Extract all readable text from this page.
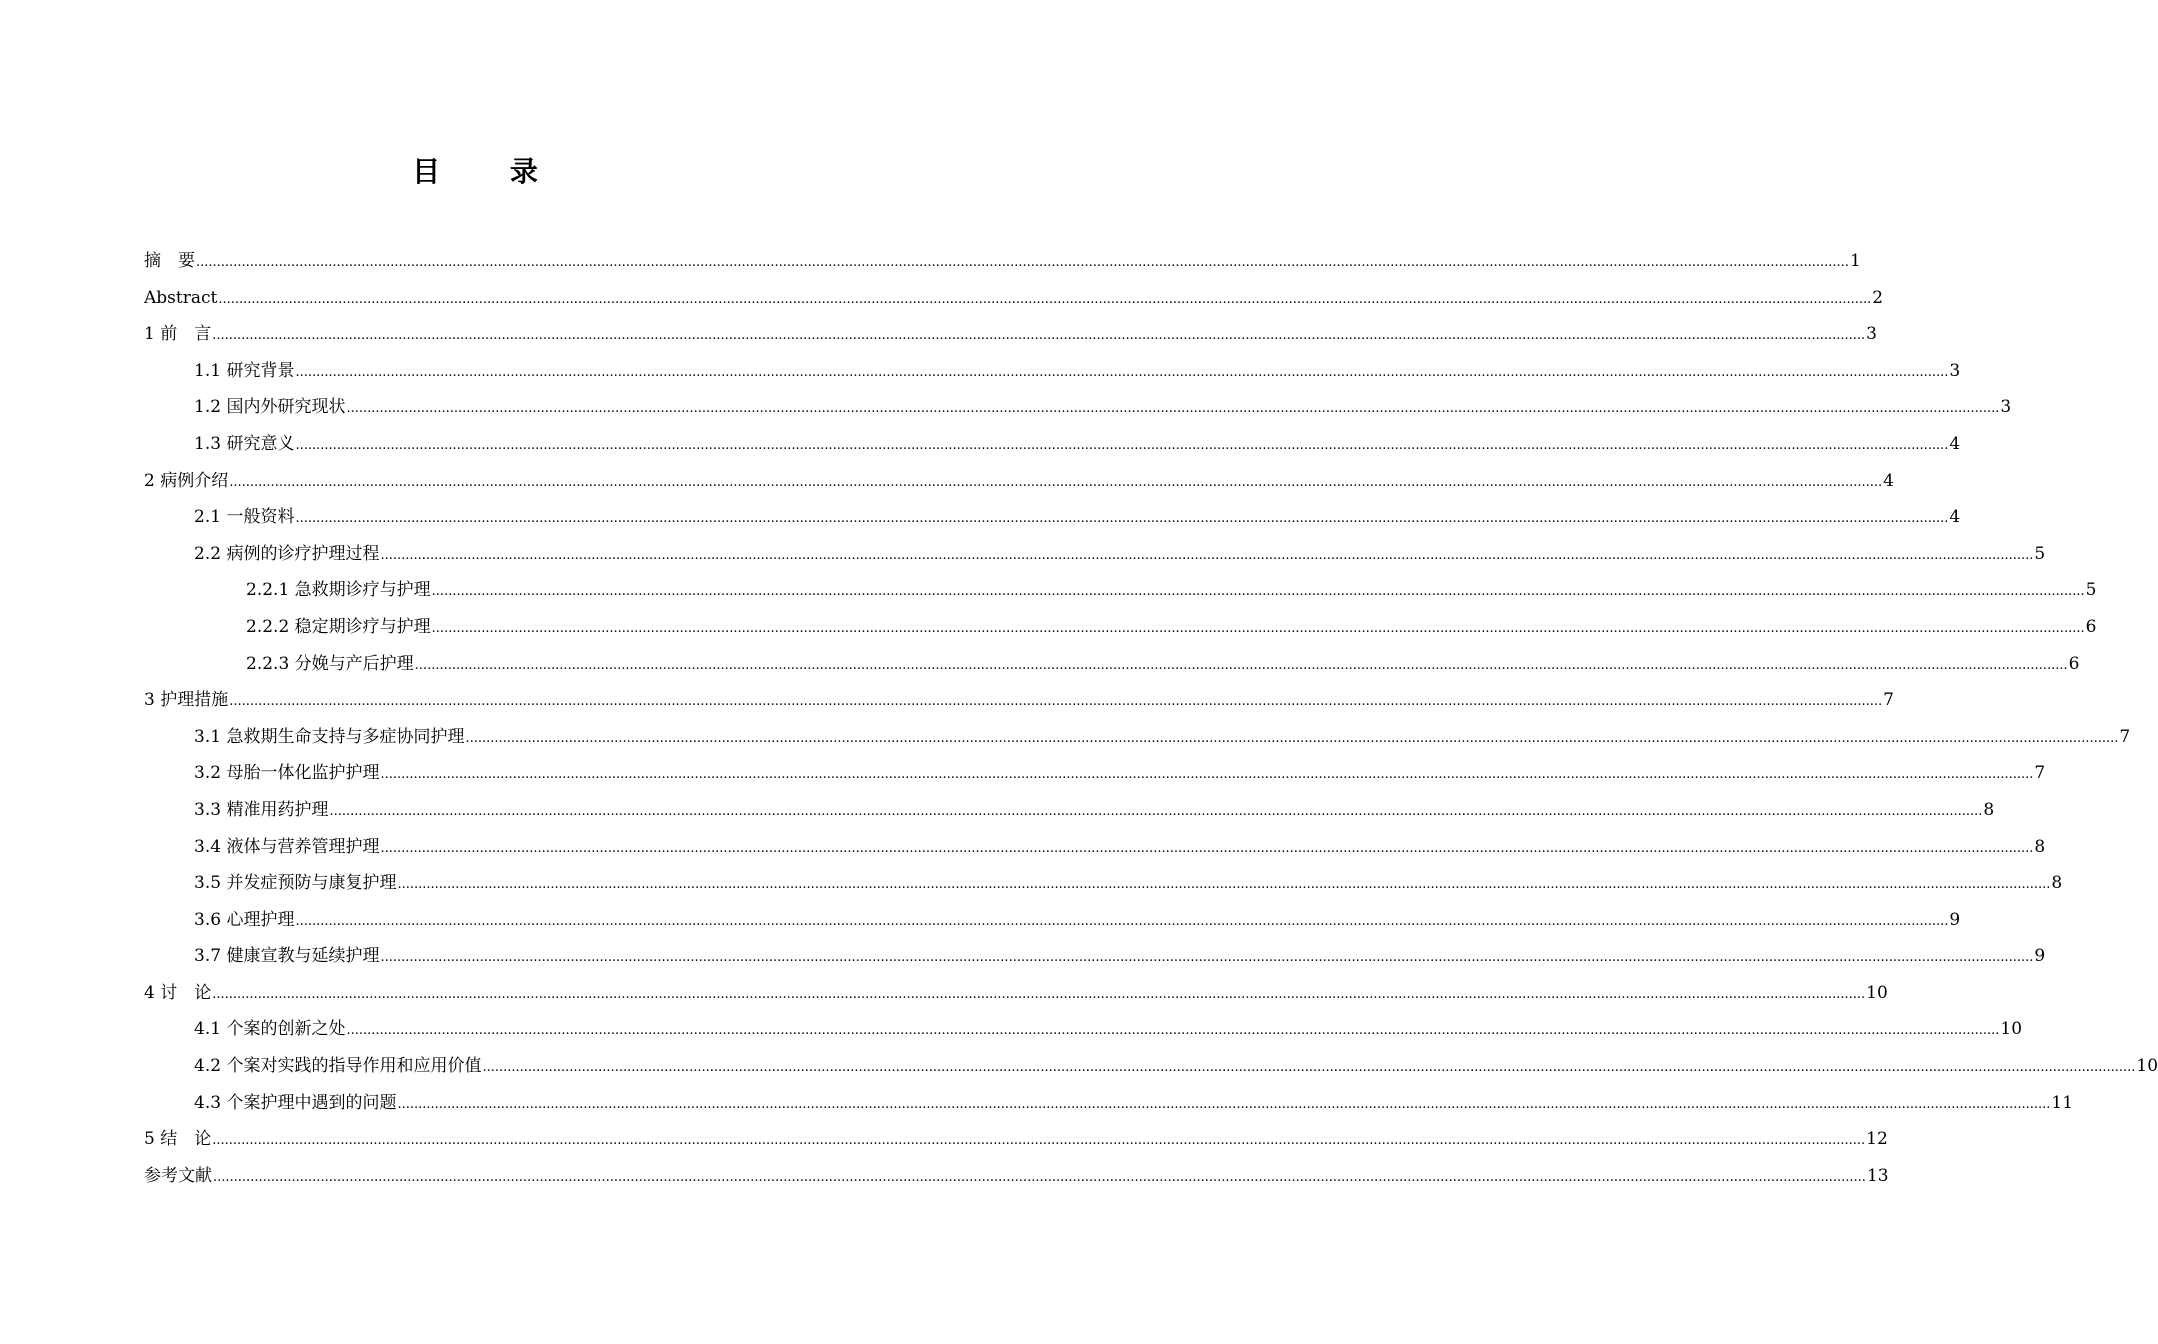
目 录
摘　要 ................................................................................................................................................................................................................................................................................................................................................................................................................ 1
Abstract ................................................................................................................................................................................................................................................................................................................................................................................................................ 2
1 前　言 ................................................................................................................................................................................................................................................................................................................................................................................................................ 3
1.1 研究背景 ................................................................................................................................................................................................................................................................................................................................................................................................................ 3
1.2 国内外研究现状 ................................................................................................................................................................................................................................................................................................................................................................................................................ 3
1.3 研究意义 ................................................................................................................................................................................................................................................................................................................................................................................................................ 4
2 病例介绍 ................................................................................................................................................................................................................................................................................................................................................................................................................ 4
2.1 一般资料 ................................................................................................................................................................................................................................................................................................................................................................................................................ 4
2.2 病例的诊疗护理过程 ................................................................................................................................................................................................................................................................................................................................................................................................................ 5
2.2.1 急救期诊疗与护理 ................................................................................................................................................................................................................................................................................................................................................................................................................ 5
2.2.2 稳定期诊疗与护理 ................................................................................................................................................................................................................................................................................................................................................................................................................ 6
2.2.3 分娩与产后护理 ................................................................................................................................................................................................................................................................................................................................................................................................................ 6
3 护理措施 ................................................................................................................................................................................................................................................................................................................................................................................................................ 7
3.1 急救期生命支持与多症协同护理 ................................................................................................................................................................................................................................................................................................................................................................................................................ 7
3.2 母胎一体化监护护理 ................................................................................................................................................................................................................................................................................................................................................................................................................ 7
3.3 精准用药护理 ................................................................................................................................................................................................................................................................................................................................................................................................................ 8
3.4 液体与营养管理护理 ................................................................................................................................................................................................................................................................................................................................................................................................................ 8
3.5 并发症预防与康复护理 ................................................................................................................................................................................................................................................................................................................................................................................................................ 8
3.6 心理护理 ................................................................................................................................................................................................................................................................................................................................................................................................................ 9
3.7 健康宣教与延续护理 ................................................................................................................................................................................................................................................................................................................................................................................................................ 9
4 讨　论 ................................................................................................................................................................................................................................................................................................................................................................................................................ 10
4.1 个案的创新之处 ................................................................................................................................................................................................................................................................................................................................................................................................................ 10
4.2 个案对实践的指导作用和应用价值 ................................................................................................................................................................................................................................................................................................................................................................................................................ 10
4.3 个案护理中遇到的问题 ................................................................................................................................................................................................................................................................................................................................................................................................................ 11
5 结　论 ................................................................................................................................................................................................................................................................................................................................................................................................................ 12
参考文献 ................................................................................................................................................................................................................................................................................................................................................................................................................ 13
